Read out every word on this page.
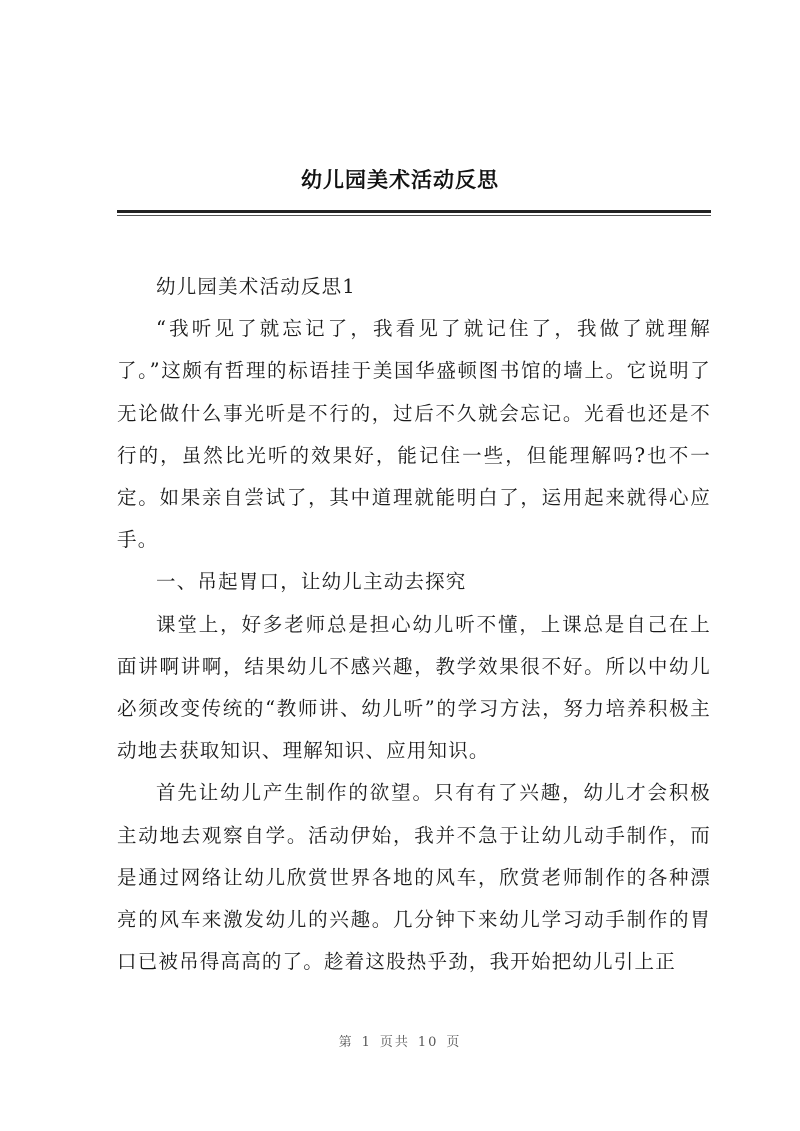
幼儿园美术活动反思

幼儿园美术活动反思1

“我听见了就忘记了，我看见了就记住了，我做了就理解了。”这颇有哲理的标语挂于美国华盛顿图书馆的墙上。它说明了无论做什么事光听是不行的，过后不久就会忘记。光看也还是不行的，虽然比光听的效果好，能记住一些，但能理解吗?也不一定。如果亲自尝试了，其中道理就能明白了，运用起来就得心应手。

一、吊起胃口，让幼儿主动去探究

课堂上，好多老师总是担心幼儿听不懂，上课总是自己在上面讲啊讲啊，结果幼儿不感兴趣，教学效果很不好。所以中幼儿必须改变传统的“教师讲、幼儿听”的学习方法，努力培养积极主动地去获取知识、理解知识、应用知识。

首先让幼儿产生制作的欲望。只有有了兴趣，幼儿才会积极主动地去观察自学。活动伊始，我并不急于让幼儿动手制作，而是通过网络让幼儿欣赏世界各地的风车，欣赏老师制作的各种漂亮的风车来激发幼儿的兴趣。几分钟下来幼儿学习动手制作的胃口已被吊得高高的了。趁着这股热乎劲，我开始把幼儿引上正

第 1 页共 10 页
